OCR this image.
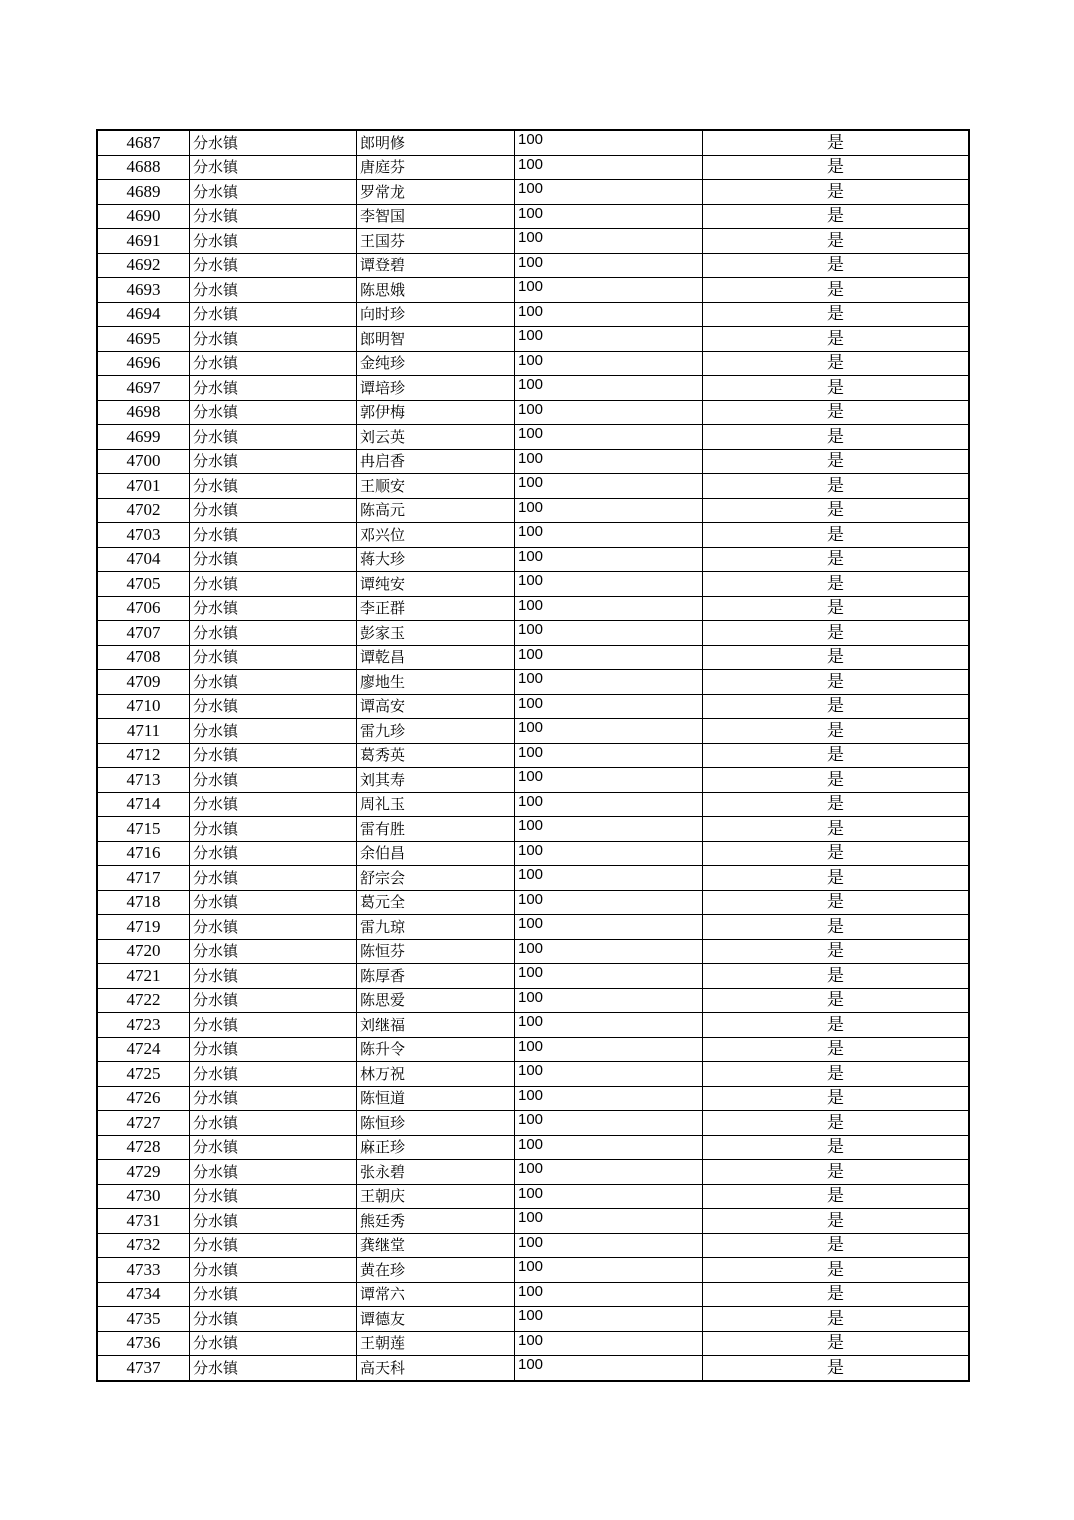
4687	分水镇	郎明修	100	是
4688	分水镇	唐庭芬	100	是
4689	分水镇	罗常龙	100	是
4690	分水镇	李智国	100	是
4691	分水镇	王国芬	100	是
4692	分水镇	谭登碧	100	是
4693	分水镇	陈思娥	100	是
4694	分水镇	向时珍	100	是
4695	分水镇	郎明智	100	是
4696	分水镇	金纯珍	100	是
4697	分水镇	谭培珍	100	是
4698	分水镇	郭伊梅	100	是
4699	分水镇	刘云英	100	是
4700	分水镇	冉启香	100	是
4701	分水镇	王顺安	100	是
4702	分水镇	陈高元	100	是
4703	分水镇	邓兴位	100	是
4704	分水镇	蒋大珍	100	是
4705	分水镇	谭纯安	100	是
4706	分水镇	李正群	100	是
4707	分水镇	彭家玉	100	是
4708	分水镇	谭乾昌	100	是
4709	分水镇	廖地生	100	是
4710	分水镇	谭高安	100	是
4711	分水镇	雷九珍	100	是
4712	分水镇	葛秀英	100	是
4713	分水镇	刘其寿	100	是
4714	分水镇	周礼玉	100	是
4715	分水镇	雷有胜	100	是
4716	分水镇	余伯昌	100	是
4717	分水镇	舒宗会	100	是
4718	分水镇	葛元全	100	是
4719	分水镇	雷九琼	100	是
4720	分水镇	陈恒芬	100	是
4721	分水镇	陈厚香	100	是
4722	分水镇	陈思爱	100	是
4723	分水镇	刘继福	100	是
4724	分水镇	陈升令	100	是
4725	分水镇	林万祝	100	是
4726	分水镇	陈恒道	100	是
4727	分水镇	陈恒珍	100	是
4728	分水镇	麻正珍	100	是
4729	分水镇	张永碧	100	是
4730	分水镇	王朝庆	100	是
4731	分水镇	熊廷秀	100	是
4732	分水镇	龚继堂	100	是
4733	分水镇	黄在珍	100	是
4734	分水镇	谭常六	100	是
4735	分水镇	谭德友	100	是
4736	分水镇	王朝莲	100	是
4737	分水镇	高天科	100	是
